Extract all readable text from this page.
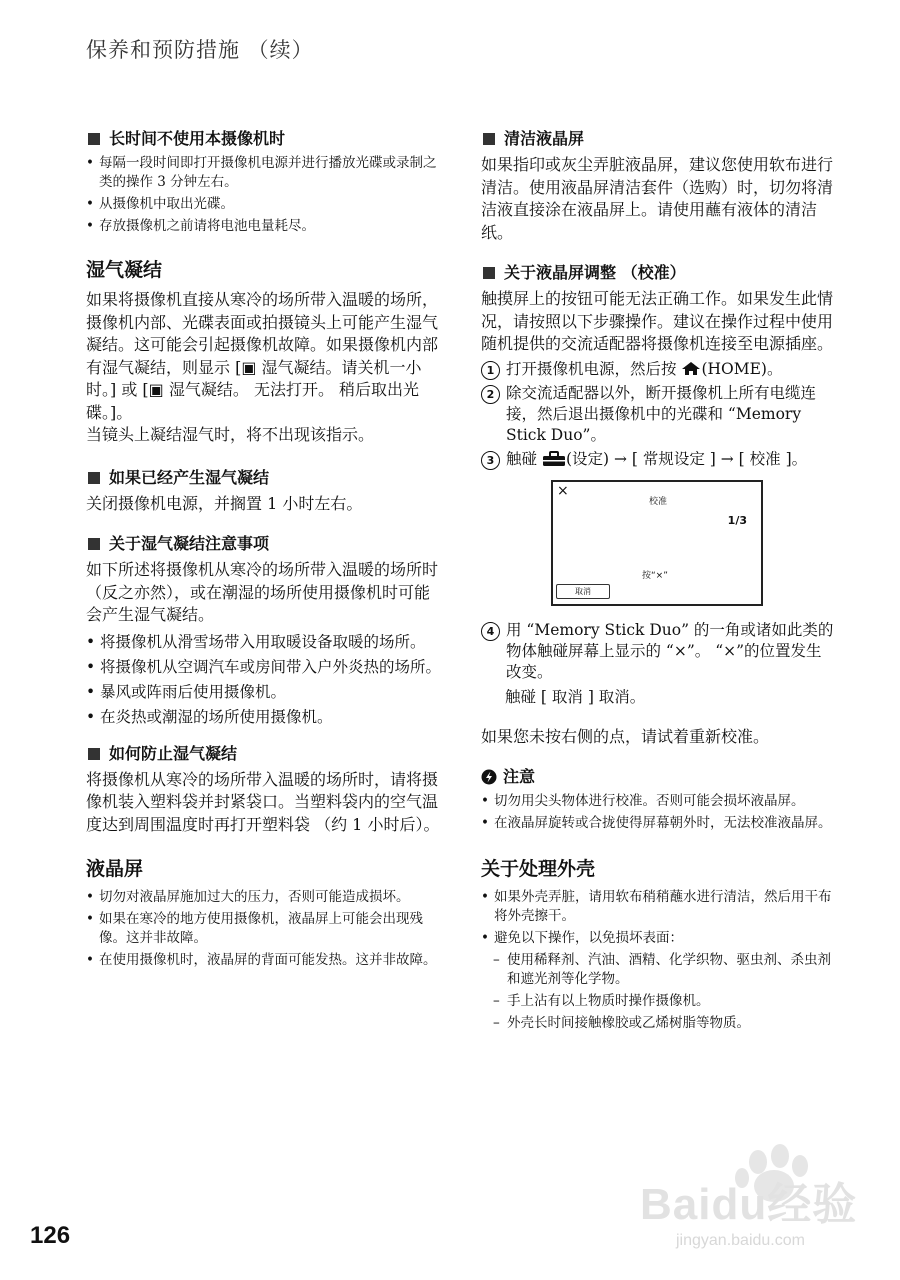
保养和预防措施 （续）
长时间不使用本摄像机时
• 每隔一段时间即打开摄像机电源并进行播放光碟或录制之类的操作 3 分钟左右。
• 从摄像机中取出光碟。
• 存放摄像机之前请将电池电量耗尽。
湿气凝结

如果将摄像机直接从寒冷的场所带入温暖的场所，摄像机内部、光碟表面或拍摄镜头上可能产生湿气凝结。这可能会引起摄像机故障。如果摄像机内部有湿气凝结，则显示 [▣ 湿气凝结。请关机一小时。] 或 [▣ 湿气凝结。 无法打开。 稍后取出光碟。]。

当镜头上凝结湿气时，将不出现该指示。

如果已经产生湿气凝结

关闭摄像机电源，并搁置 1 小时左右。

关于湿气凝结注意事项

如下所述将摄像机从寒冷的场所带入温暖的场所时 （反之亦然），或在潮湿的场所使用摄像机时可能会产生湿气凝结。

• 将摄像机从滑雪场带入用取暖设备取暖的场所。
• 将摄像机从空调汽车或房间带入户外炎热的场所。
• 暴风或阵雨后使用摄像机。
• 在炎热或潮湿的场所使用摄像机。
如何防止湿气凝结

将摄像机从寒冷的场所带入温暖的场所时，请将摄像机装入塑料袋并封紧袋口。当塑料袋内的空气温度达到周围温度时再打开塑料袋 （约 1 小时后）。

液晶屏
• 切勿对液晶屏施加过大的压力，否则可能造成损坏。
• 如果在寒冷的地方使用摄像机，液晶屏上可能会出现残像。这并非故障。
• 在使用摄像机时，液晶屏的背面可能发热。这并非故障。
清洁液晶屏

如果指印或灰尘弄脏液晶屏，建议您使用软布进行清洁。使用液晶屏清洁套件（选购）时，切勿将清洁液直接涂在液晶屏上。请使用蘸有液体的清洁纸。

关于液晶屏调整 （校准）

触摸屏上的按钮可能无法正确工作。如果发生此情况，请按照以下步骤操作。建议在操作过程中使用随机提供的交流适配器将摄像机连接至电源插座。

1 打开摄像机电源，然后按 (HOME)。
2 除交流适配器以外，断开摄像机上所有电缆连接，然后退出摄像机中的光碟和 “Memory Stick Duo”。
3 触碰 (设定) → [ 常规设定 ] → [ 校准 ]。
×
校准
1/3
按“×”
取消
4 用 “Memory Stick Duo” 的一角或诸如此类的物体触碰屏幕上显示的 “×”。 “×”的位置发生改变。
触碰 [ 取消 ] 取消。

如果您未按右侧的点，请试着重新校准。

注意
• 切勿用尖头物体进行校准。否则可能会损坏液晶屏。
• 在液晶屏旋转或合拢使得屏幕朝外时，无法校准液晶屏。
关于处理外壳
• 如果外壳弄脏，请用软布稍稍蘸水进行清洁，然后用干布将外壳擦干。
• 避免以下操作，以免损坏表面：
– 使用稀释剂、汽油、酒精、化学织物、驱虫剂、杀虫剂和遮光剂等化学物。
– 手上沾有以上物质时操作摄像机。
– 外壳长时间接触橡胶或乙烯树脂等物质。
Baidu经验
jingyan.baidu.com
126
